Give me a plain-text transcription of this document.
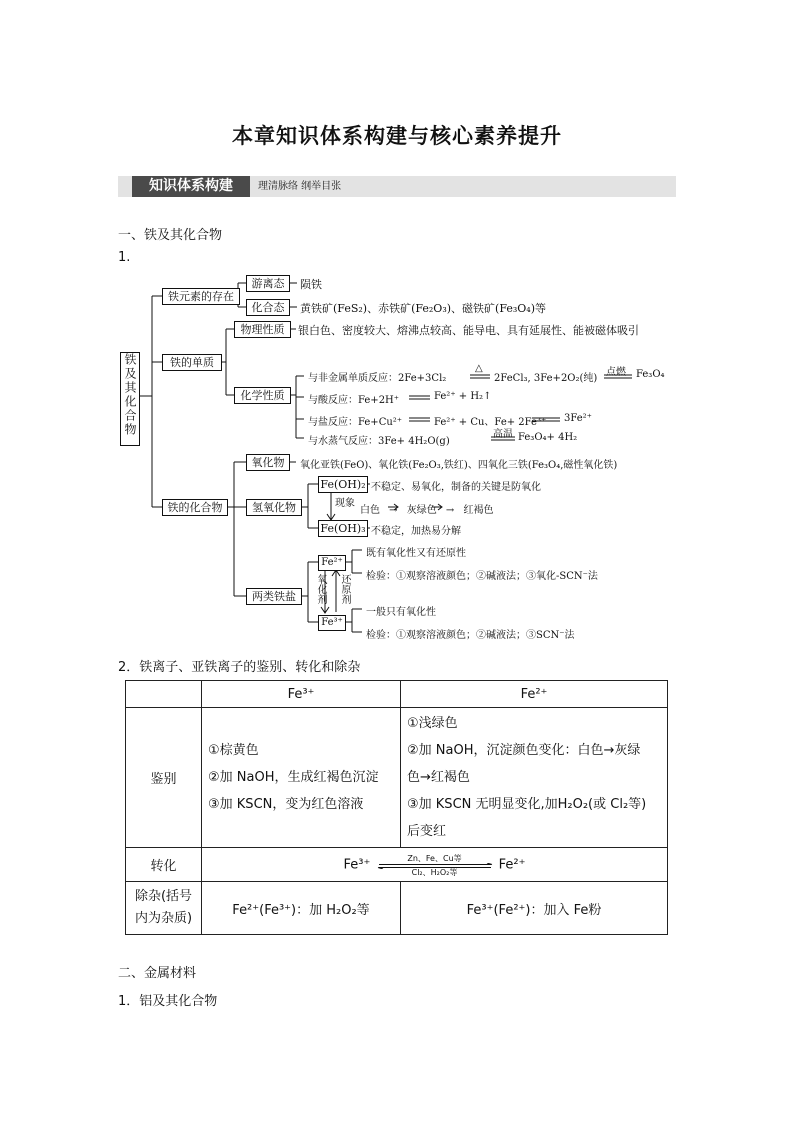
本章知识体系构建与核心素养提升
知识体系构建	理清脉络 纲举目张
一、铁及其化合物
1.
铁及其化合物
铁元素的存在
游离态	陨铁
化合态	黄铁矿(FeS₂)、赤铁矿(Fe₂O₃)、磁铁矿(Fe₃O₄)等
铁的单质
物理性质	银白色、密度较大、熔沸点较高、能导电、具有延展性、能被磁体吸引
化学性质
与非金属单质反应：2Fe+3Cl₂
△
2FeCl₃, 3Fe+2O₂(纯)
点燃 Fe₃O₄
与酸反应：Fe+2H⁺	Fe²⁺ + H₂↑
与盐反应：Fe+Cu²⁺	Fe²⁺ + Cu、Fe+ 2Fe³⁺ 3Fe²⁺
与水蒸气反应：3Fe+ 4H₂O(g)
高温 Fe₃O₄+ 4H₂
铁的化合物
氧化物	氧化亚铁(FeO)、氧化铁(Fe₂O₃,铁红)、四氧化三铁(Fe₃O₄,磁性氧化铁)
氢氧化物
Fe(OH)₂ 不稳定、易氧化，制备的关键是防氧化
现象
白色 → 灰绿色 → 红褐色
Fe(OH)₃ 不稳定，加热易分解
两类铁盐
Fe²⁺
既有氧化性又有还原性
检验：①观察溶液颜色；②碱液法；③氧化-SCN⁻法
氧化剂 还原剂
Fe³⁺
一般只有氧化性
检验：①观察溶液颜色；②碱液法；③SCN⁻法
2．铁离子、亚铁离子的鉴别、转化和除杂
	Fe³⁺	Fe²⁺
鉴别	①棕黄色
②加 NaOH，生成红褐色沉淀
③加 KSCN，变为红色溶液	①浅绿色
②加 NaOH，沉淀颜色变化：白色→灰绿
色→红褐色
③加 KSCN 无明显变化,加H₂O₂(或 Cl₂等)
后变红

转化	Fe³⁺ Zn、Fe、Cu等
Cl₂、H₂O₂等 Fe²⁺	
除杂(括号
内为杂质)	Fe²⁺(Fe³⁺)：加 H₂O₂等	Fe³⁺(Fe²⁺)：加入 Fe粉
二、金属材料
1．铝及其化合物
